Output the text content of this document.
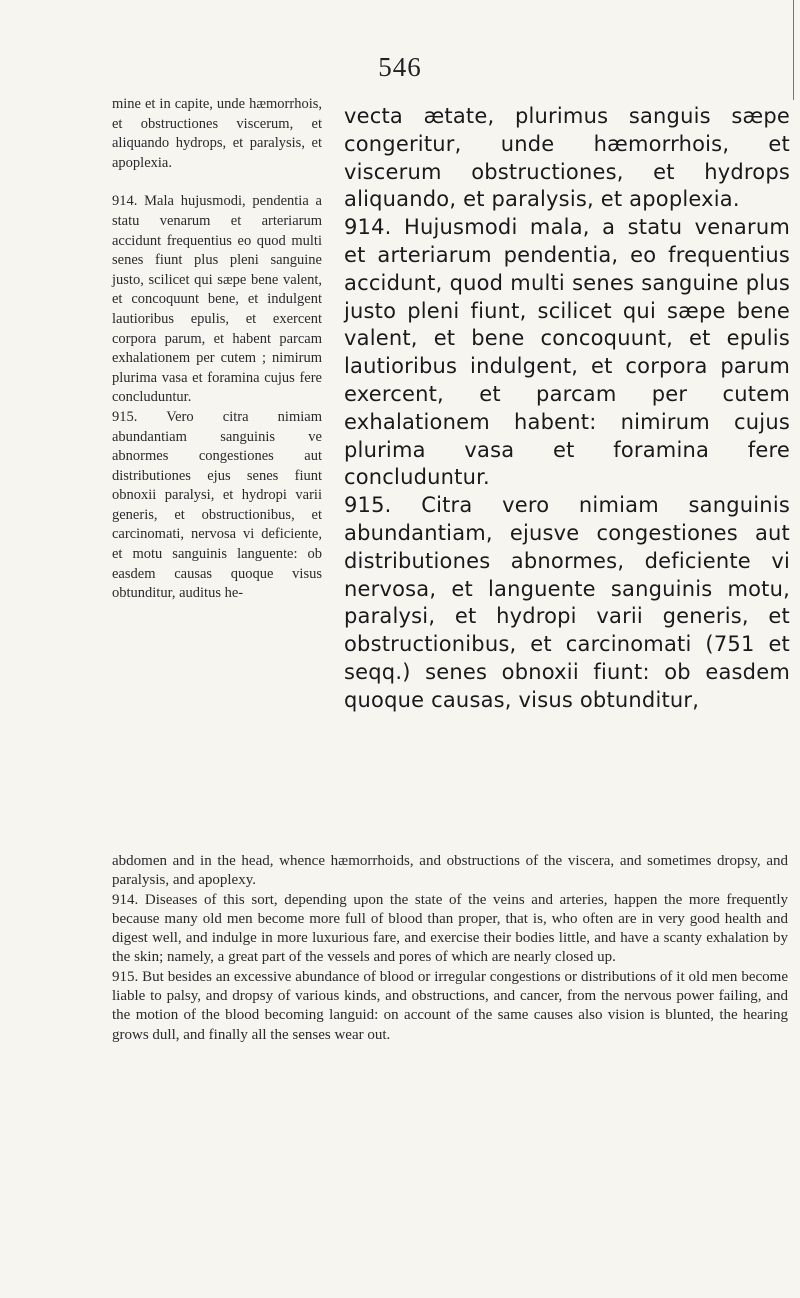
546

mine et in capite, unde hæmorrhois, et obstructiones viscerum, et aliquando hydrops, et paralysis, et apoplexia.

914. Mala hujusmodi, pendentia a statu venarum et arteriarum accidunt frequentius eo quod multi senes fiunt plus pleni sanguine justo, scilicet qui sæpe bene valent, et concoquunt bene, et indulgent lautioribus epulis, et exercent corpora parum, et habent parcam exhalationem per cutem ; nimirum plurima vasa et foramina cujus fere concluduntur.

915. Vero citra nimiam abundantiam sanguinis ve abnormes congestiones aut distributiones ejus senes fiunt obnoxii paralysi, et hydropi varii generis, et obstructionibus, et carcinomati, nervosa vi deficiente, et motu sanguinis languente: ob easdem causas quoque visus obtunditur, auditus he-

vecta ætate, plurimus sanguis sæpe congeritur, unde hæmorrhois, et viscerum obstructiones, et hydrops aliquando, et paralysis, et apoplexia.

914. Hujusmodi mala, a statu venarum et arteriarum pendentia, eo frequentius accidunt, quod multi senes sanguine plus justo pleni fiunt, scilicet qui sæpe bene valent, et bene concoquunt, et epulis lautioribus indulgent, et corpora parum exercent, et parcam per cutem exhalationem habent: nimirum cujus plurima vasa et foramina fere concluduntur.

915. Citra vero nimiam sanguinis abundantiam, ejusve congestiones aut distributiones abnormes, deficiente vi nervosa, et languente sanguinis motu, paralysi, et hydropi varii generis, et obstructionibus, et carcinomati (751 et seqq.) senes obnoxii fiunt: ob easdem quoque causas, visus obtunditur,

abdomen and in the head, whence hæmorrhoids, and obstructions of the viscera, and sometimes dropsy, and paralysis, and apoplexy.

914. Diseases of this sort, depending upon the state of the veins and arteries, happen the more frequently because many old men become more full of blood than proper, that is, who often are in very good health and digest well, and indulge in more luxurious fare, and exercise their bodies little, and have a scanty exhalation by the skin; namely, a great part of the vessels and pores of which are nearly closed up.

915. But besides an excessive abundance of blood or irregular congestions or distributions of it old men become liable to palsy, and dropsy of various kinds, and obstructions, and cancer, from the nervous power failing, and the motion of the blood becoming languid: on account of the same causes also vision is blunted, the hearing grows dull, and finally all the senses wear out.
